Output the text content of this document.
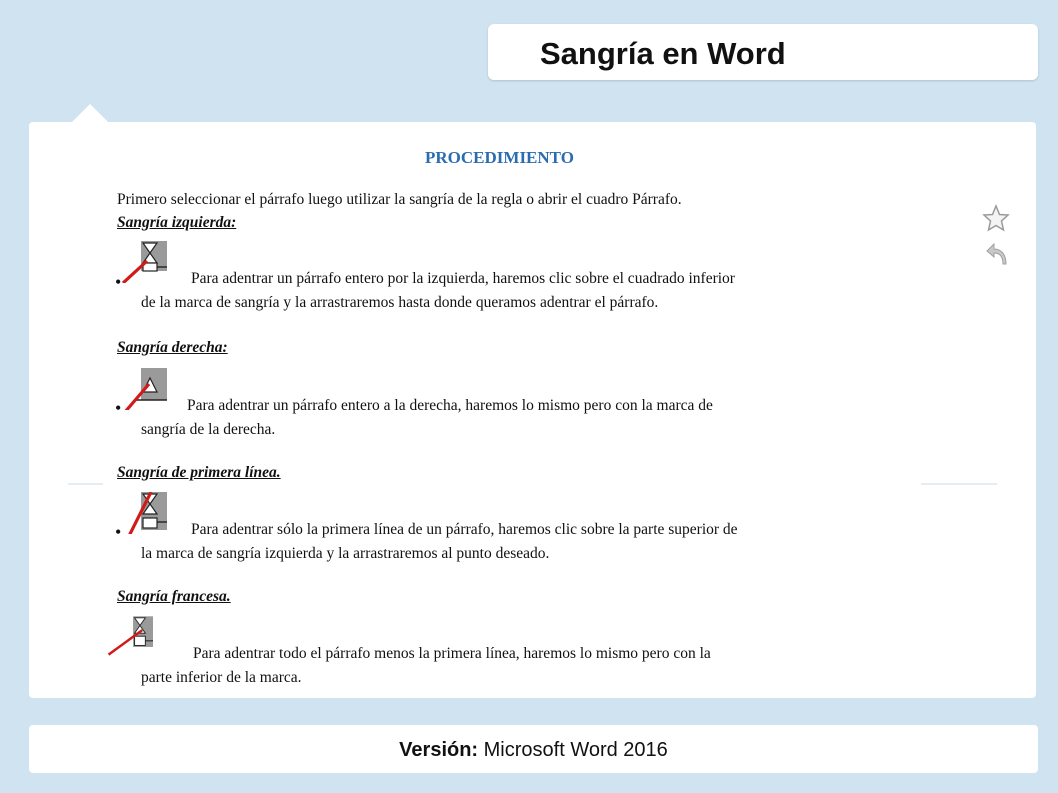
Sangría en Word
PROCEDIMIENTO
Primero seleccionar el párrafo luego utilizar la sangría de la regla o abrir el cuadro Párrafo.
Sangría izquierda:
•	Para adentrar un párrafo entero por la izquierda, haremos clic sobre el cuadrado inferior
de la marca de sangría y la arrastraremos hasta donde queramos adentrar el párrafo.
Sangría derecha:
•	Para adentrar un párrafo entero a la derecha, haremos lo mismo pero con la marca de
sangría de la derecha.
Sangría de primera línea.
•	Para adentrar sólo la primera línea de un párrafo, haremos clic sobre la parte superior de
la marca de sangría izquierda y la arrastraremos al punto deseado.
Sangría francesa.
Para adentrar todo el párrafo menos la primera línea, haremos lo mismo pero con la
parte inferior de la marca.
Versión: Microsoft Word 2016
